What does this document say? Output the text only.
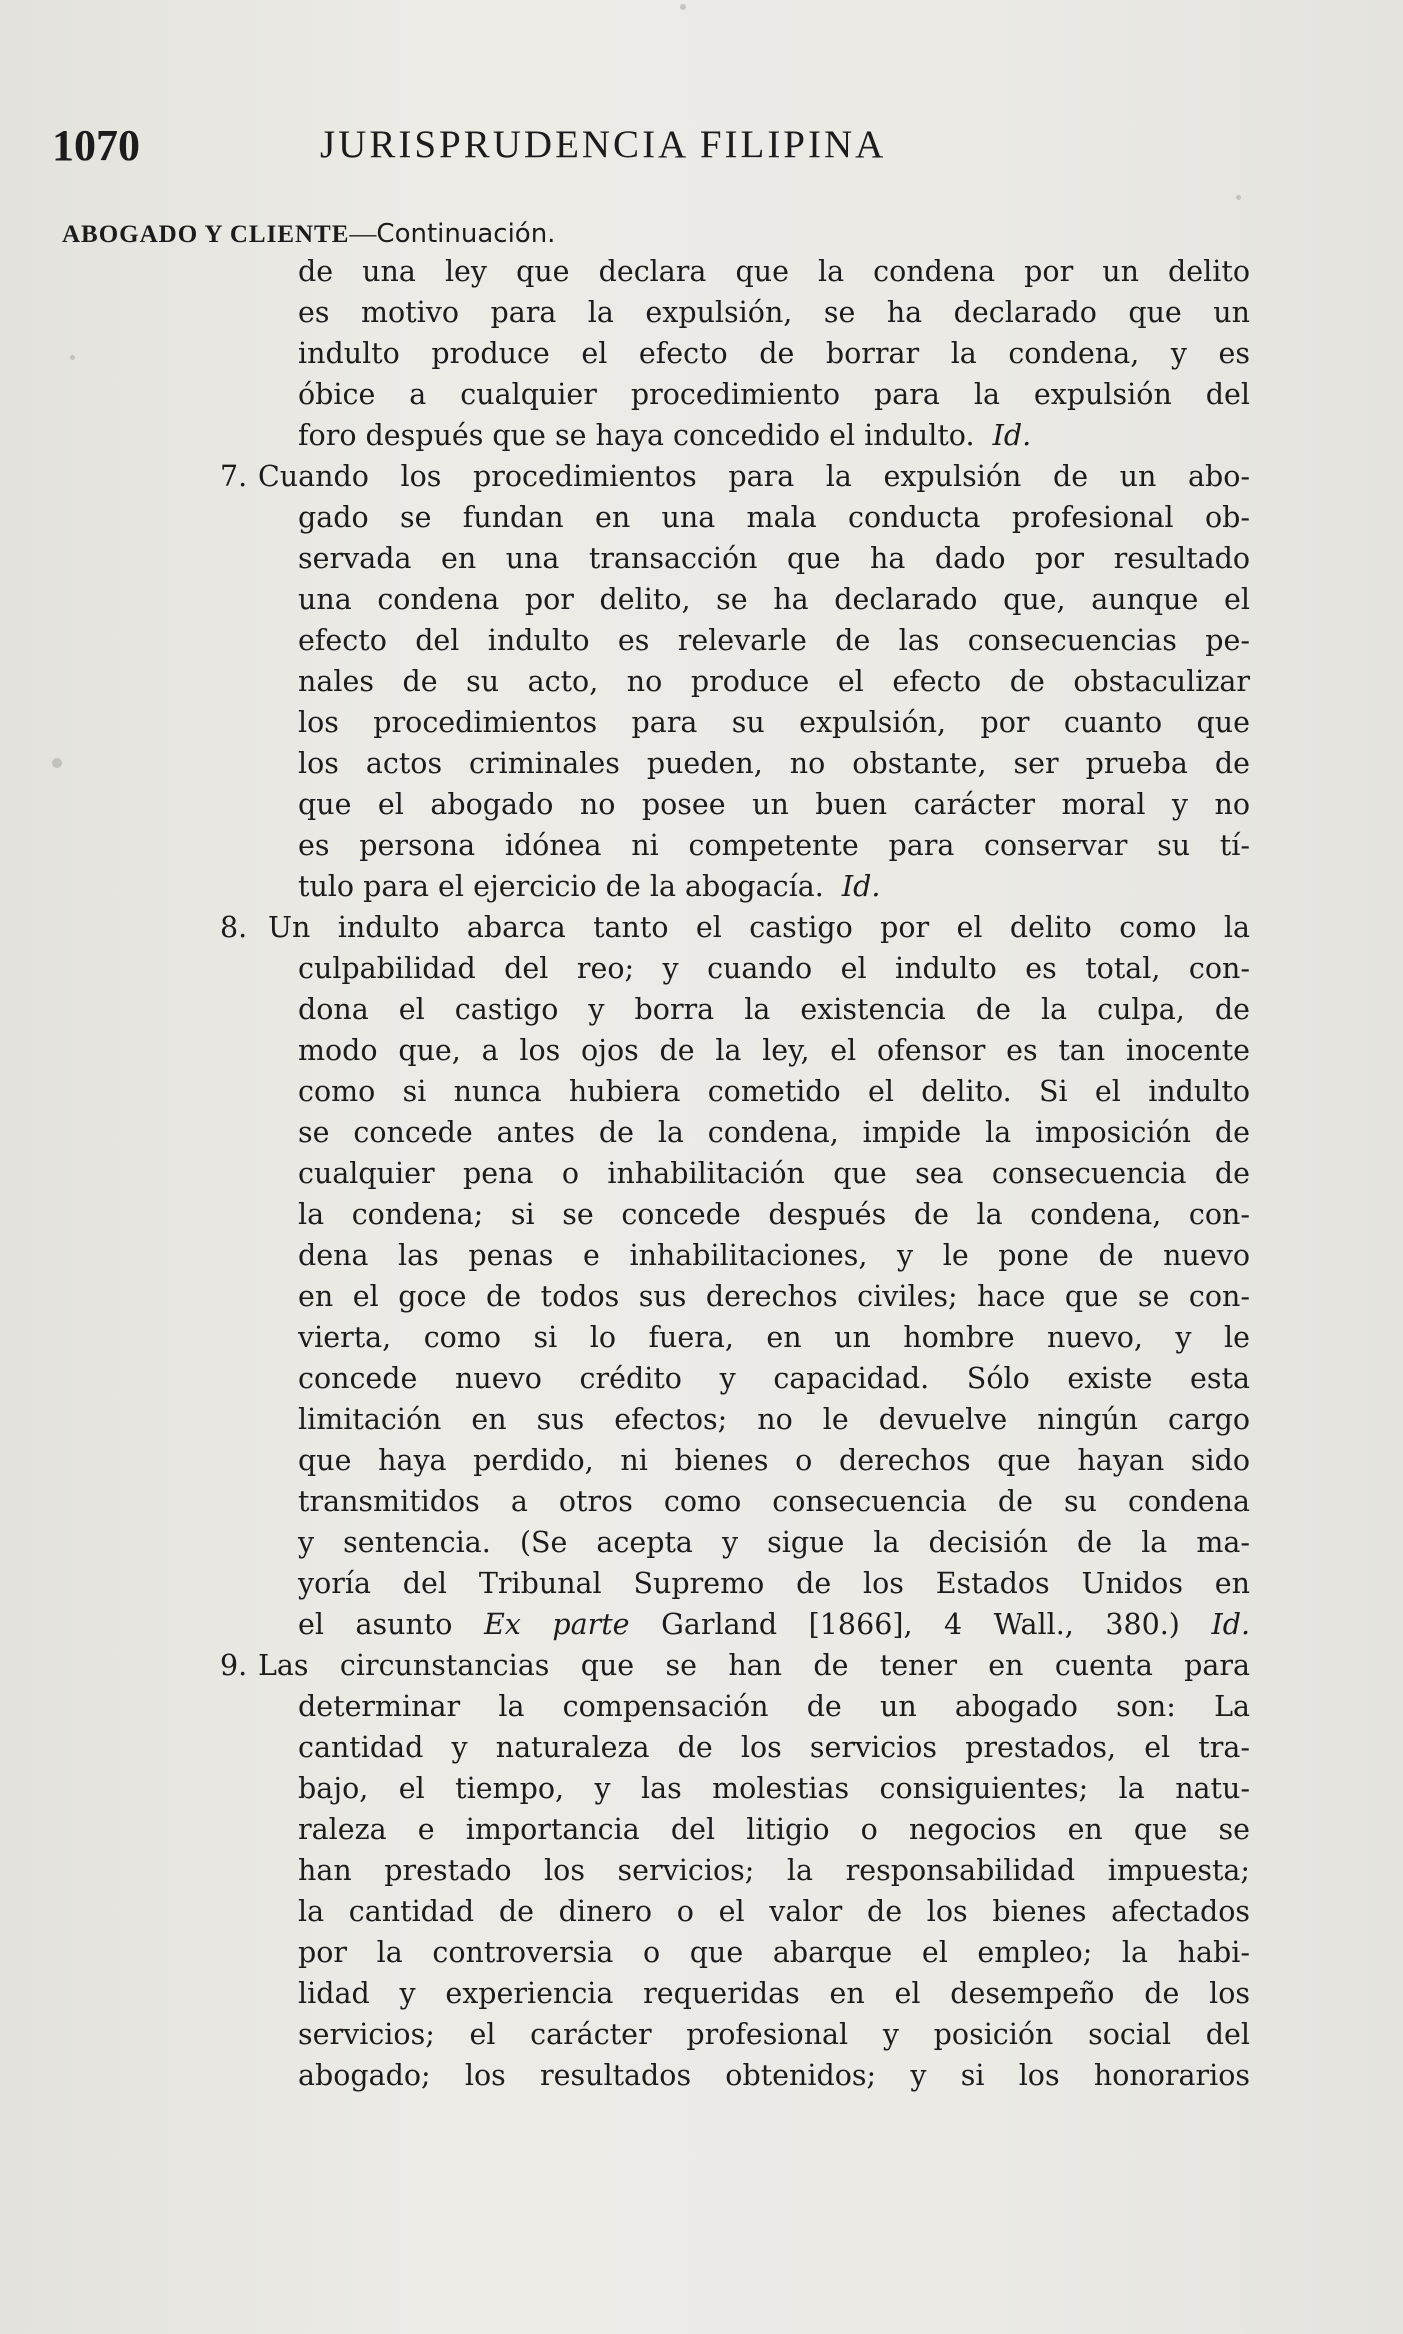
1070	JURISPRUDENCIA FILIPINA
ABOGADO Y CLIENTE—Continuación.
de una ley que declara que la condena por un delito
es motivo para la expulsión, se ha declarado que un
indulto produce el efecto de borrar la condena, y es
óbice a cualquier procedimiento para la expulsión del
foro después que se haya concedido el indulto. Id.
7. Cuando los procedimientos para la expulsión de un abo-
gado se fundan en una mala conducta profesional ob-
servada en una transacción que ha dado por resultado
una condena por delito, se ha declarado que, aunque el
efecto del indulto es relevarle de las consecuencias pe-
nales de su acto, no produce el efecto de obstaculizar
los procedimientos para su expulsión, por cuanto que
los actos criminales pueden, no obstante, ser prueba de
que el abogado no posee un buen carácter moral y no
es persona idónea ni competente para conservar su tí-
tulo para el ejercicio de la abogacía. Id.
8. Un indulto abarca tanto el castigo por el delito como la
culpabilidad del reo; y cuando el indulto es total, con-
dona el castigo y borra la existencia de la culpa, de
modo que, a los ojos de la ley, el ofensor es tan inocente
como si nunca hubiera cometido el delito. Si el indulto
se concede antes de la condena, impide la imposición de
cualquier pena o inhabilitación que sea consecuencia de
la condena; si se concede después de la condena, con-
dena las penas e inhabilitaciones, y le pone de nuevo
en el goce de todos sus derechos civiles; hace que se con-
vierta, como si lo fuera, en un hombre nuevo, y le
concede nuevo crédito y capacidad. Sólo existe esta
limitación en sus efectos; no le devuelve ningún cargo
que haya perdido, ni bienes o derechos que hayan sido
transmitidos a otros como consecuencia de su condena
y sentencia. (Se acepta y sigue la decisión de la ma-
yoría del Tribunal Supremo de los Estados Unidos en
el asunto Ex parte Garland [1866], 4 Wall., 380.) Id.
9. Las circunstancias que se han de tener en cuenta para
determinar la compensación de un abogado son: La
cantidad y naturaleza de los servicios prestados, el tra-
bajo, el tiempo, y las molestias consiguientes; la natu-
raleza e importancia del litigio o negocios en que se
han prestado los servicios; la responsabilidad impuesta;
la cantidad de dinero o el valor de los bienes afectados
por la controversia o que abarque el empleo; la habi-
lidad y experiencia requeridas en el desempeño de los
servicios; el carácter profesional y posición social del
abogado; los resultados obtenidos; y si los honorarios
